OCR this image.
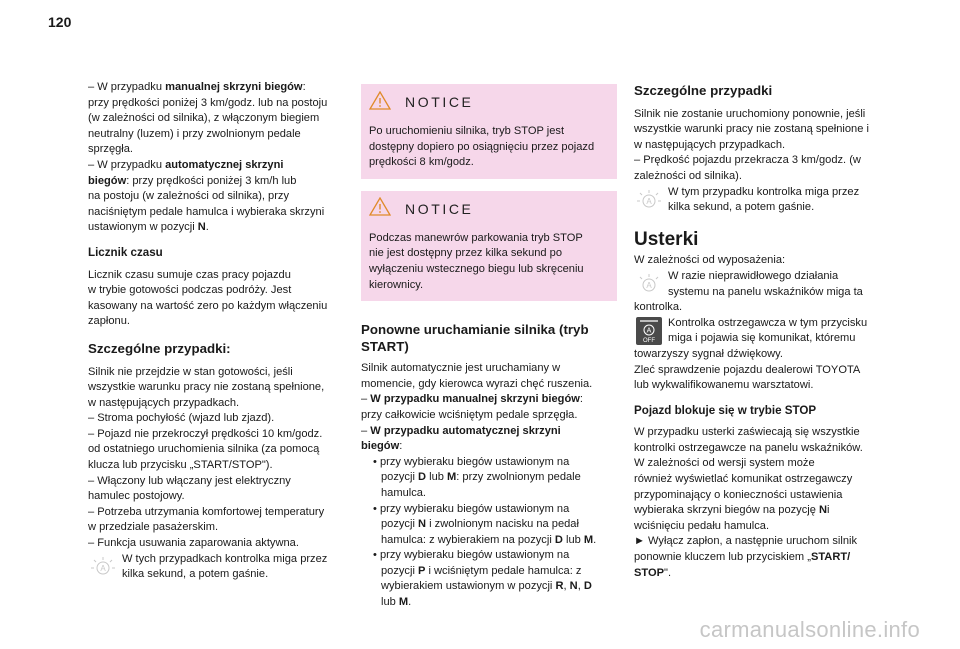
120
– W przypadku manualnej skrzyni biegów:
przy prędkości poniżej 3 km/godz. lub na postoju
(w zależności od silnika), z włączonym biegiem
neutralny (luzem) i przy zwolnionym pedale
sprzęgła.
– W przypadku automatycznej skrzyni
biegów: przy prędkości poniżej 3 km/h lub
na postoju (w zależności od silnika), przy
naciśniętym pedale hamulca i wybieraka skrzyni
ustawionym w pozycji N.
Licznik czasu
Licznik czasu sumuje czas pracy pojazdu
w trybie gotowości podczas podróży. Jest
kasowany na wartość zero po każdym włączeniu
zapłonu.
Szczególne przypadki:
Silnik nie przejdzie w stan gotowości, jeśli
wszystkie warunku pracy nie zostaną spełnione,
w następujących przypadkach.
– Stroma pochyłość (wjazd lub zjazd).
– Pojazd nie przekroczył prędkości 10 km/godz.
od ostatniego uruchomienia silnika (za pomocą
klucza lub przycisku „START/STOP").
– Włączony lub włączany jest elektryczny
hamulec postojowy.
– Potrzeba utrzymania komfortowej temperatury
w przedziale pasażerskim.
– Funkcja usuwania zaparowania aktywna.
A
W tych przypadkach kontrolka miga przez
kilka sekund, a potem gaśnie.
NOTICE
Po uruchomieniu silnika, tryb STOP jest
dostępny dopiero po osiągnięciu przez pojazd
prędkości 8 km/godz.
NOTICE
Podczas manewrów parkowania tryb STOP
nie jest dostępny przez kilka sekund po
wyłączeniu wstecznego biegu lub skręceniu
kierownicy.
Ponowne uruchamianie silnika (tryb
START)
Silnik automatycznie jest uruchamiany w
momencie, gdy kierowca wyrazi chęć ruszenia.
– W przypadku manualnej skrzyni biegów:
przy całkowicie wciśniętym pedale sprzęgła.
– W przypadku automatycznej skrzyni
biegów:
• przy wybieraku biegów ustawionym na
pozycji D lub M: przy zwolnionym pedale
hamulca.
• przy wybieraku biegów ustawionym na
pozycji N i zwolnionym nacisku na pedał
hamulca: z wybierakiem na pozycji D lub M.
• przy wybieraku biegów ustawionym na
pozycji P i wciśniętym pedale hamulca: z
wybierakiem ustawionym w pozycji R, N, D
lub M.
Szczególne przypadki
Silnik nie zostanie uruchomiony ponownie, jeśli
wszystkie warunki pracy nie zostaną spełnione i
w następujących przypadkach.
– Prędkość pojazdu przekracza 3 km/godz. (w
zależności od silnika).
A
W tym przypadku kontrolka miga przez
kilka sekund, a potem gaśnie.
Usterki
W zależności od wyposażenia:
A
W razie nieprawidłowego działania
systemu na panelu wskaźników miga ta
kontrolka.
A
OFF
Kontrolka ostrzegawcza w tym przycisku
miga i pojawia się komunikat, któremu
towarzyszy sygnał dźwiękowy.
Zleć sprawdzenie pojazdu dealerowi TOYOTA
lub wykwalifikowanemu warsztatowi.
Pojazd blokuje się w trybie STOP
W przypadku usterki zaświecają się wszystkie
kontrolki ostrzegawcze na panelu wskaźników.
W zależności od wersji system może
również wyświetlać komunikat ostrzegawczy
przypominający o konieczności ustawienia
wybieraka skrzyni biegów na pozycję Ni
wciśnięciu pedału hamulca.
► Wyłącz zapłon, a następnie uruchom silnik
ponownie kluczem lub przyciskiem „START/
STOP".
carmanualsonline.info
